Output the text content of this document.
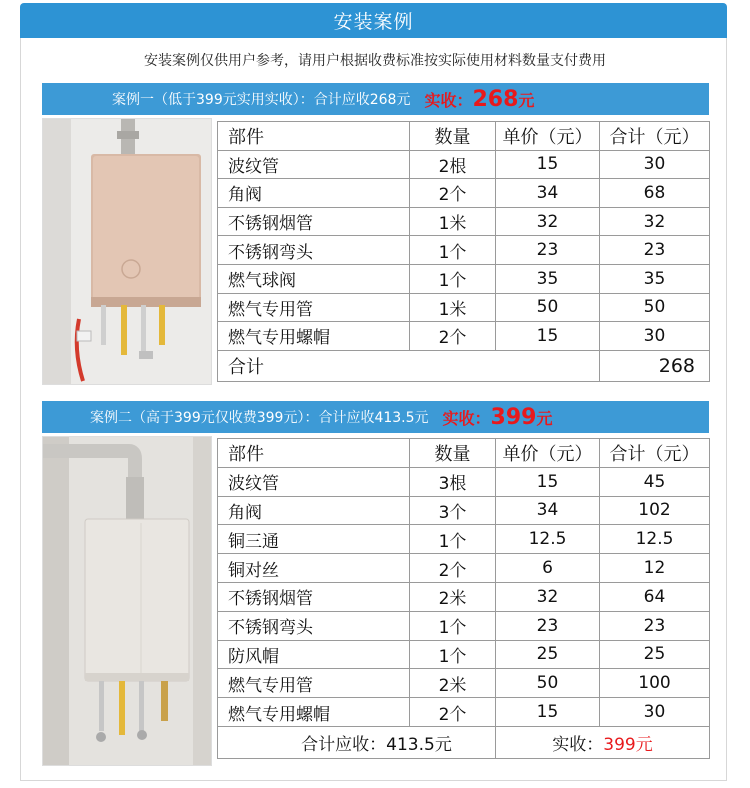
安装案例
安装案例仅供用户参考，请用户根据收费标准按实际使用材料数量支付费用
案例一（低于399元实用实收）：合计应收268元 实收：268元
部件	数量	单价（元）	合计（元）
波纹管	2根	15	30
角阀	2个	34	68
不锈钢烟管	1米	32	32
不锈钢弯头	1个	23	23
燃气球阀	1个	35	35
燃气专用管	1米	50	50
燃气专用螺帽	2个	15	30
合计			268
案例二（高于399元仅收费399元）：合计应收413.5元 实收：399元
部件	数量	单价（元）	合计（元）
波纹管	3根	15	45
角阀	3个	34	102
铜三通	1个	12.5	12.5
铜对丝	2个	6	12
不锈钢烟管	2米	32	64
不锈钢弯头	1个	23	23
防风帽	1个	25	25
燃气专用管	2米	50	100
燃气专用螺帽	2个	15	30
合计应收：413.5元		实收：399元	
